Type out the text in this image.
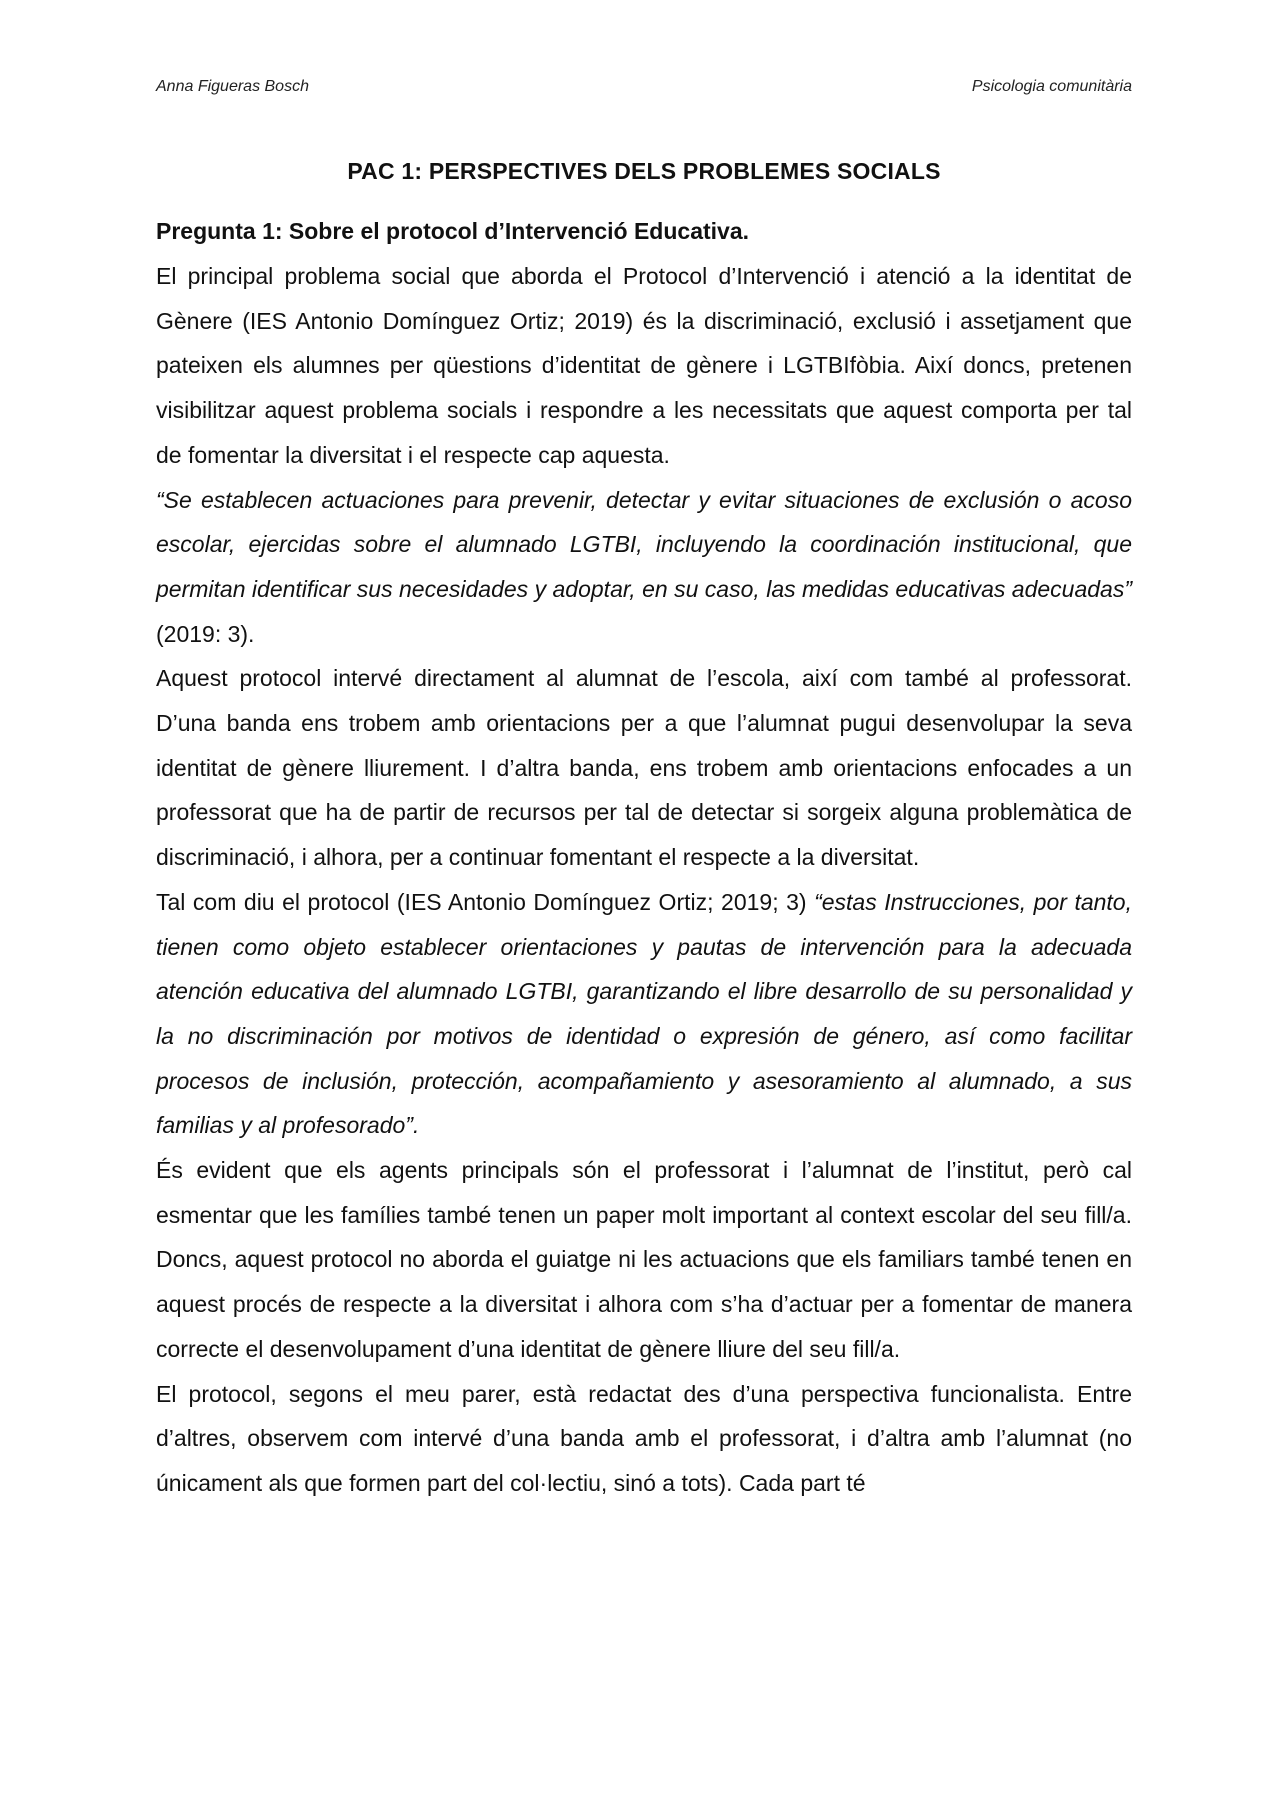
Anna Figueras Bosch	Psicologia comunitària
PAC 1: PERSPECTIVES DELS PROBLEMES SOCIALS
Pregunta 1: Sobre el protocol d’Intervenció Educativa.

El principal problema social que aborda el Protocol d’Intervenció i atenció a la identitat de Gènere (IES Antonio Domínguez Ortiz; 2019) és la discriminació, exclusió i assetjament que pateixen els alumnes per qüestions d’identitat de gènere i LGTBIfòbia. Així doncs, pretenen visibilitzar aquest problema socials i respondre a les necessitats que aquest comporta per tal de fomentar la diversitat i el respecte cap aquesta.

“Se establecen actuaciones para prevenir, detectar y evitar situaciones de exclusión o acoso escolar, ejercidas sobre el alumnado LGTBI, incluyendo la coordinación institucional, que permitan identificar sus necesidades y adoptar, en su caso, las medidas educativas adecuadas” (2019: 3).

Aquest protocol intervé directament al alumnat de l’escola, així com també al professorat. D’una banda ens trobem amb orientacions per a que l’alumnat pugui desenvolupar la seva identitat de gènere lliurement. I d’altra banda, ens trobem amb orientacions enfocades a un professorat que ha de partir de recursos per tal de detectar si sorgeix alguna problemàtica de discriminació, i alhora, per a continuar fomentant el respecte a la diversitat.

Tal com diu el protocol (IES Antonio Domínguez Ortiz; 2019; 3) “estas Instrucciones, por tanto, tienen como objeto establecer orientaciones y pautas de intervención para la adecuada atención educativa del alumnado LGTBI, garantizando el libre desarrollo de su personalidad y la no discriminación por motivos de identidad o expresión de género, así como facilitar procesos de inclusión, protección, acompañamiento y asesoramiento al alumnado, a sus familias y al profesorado”.

És evident que els agents principals són el professorat i l’alumnat de l’institut, però cal esmentar que les famílies també tenen un paper molt important al context escolar del seu fill/a. Doncs, aquest protocol no aborda el guiatge ni les actuacions que els familiars també tenen en aquest procés de respecte a la diversitat i alhora com s’ha d’actuar per a fomentar de manera correcte el desenvolupament d’una identitat de gènere lliure del seu fill/a.

El protocol, segons el meu parer, està redactat des d’una perspectiva funcionalista. Entre d’altres, observem com intervé d’una banda amb el professorat, i d’altra amb l’alumnat (no únicament als que formen part del col·lectiu, sinó a tots). Cada part té
